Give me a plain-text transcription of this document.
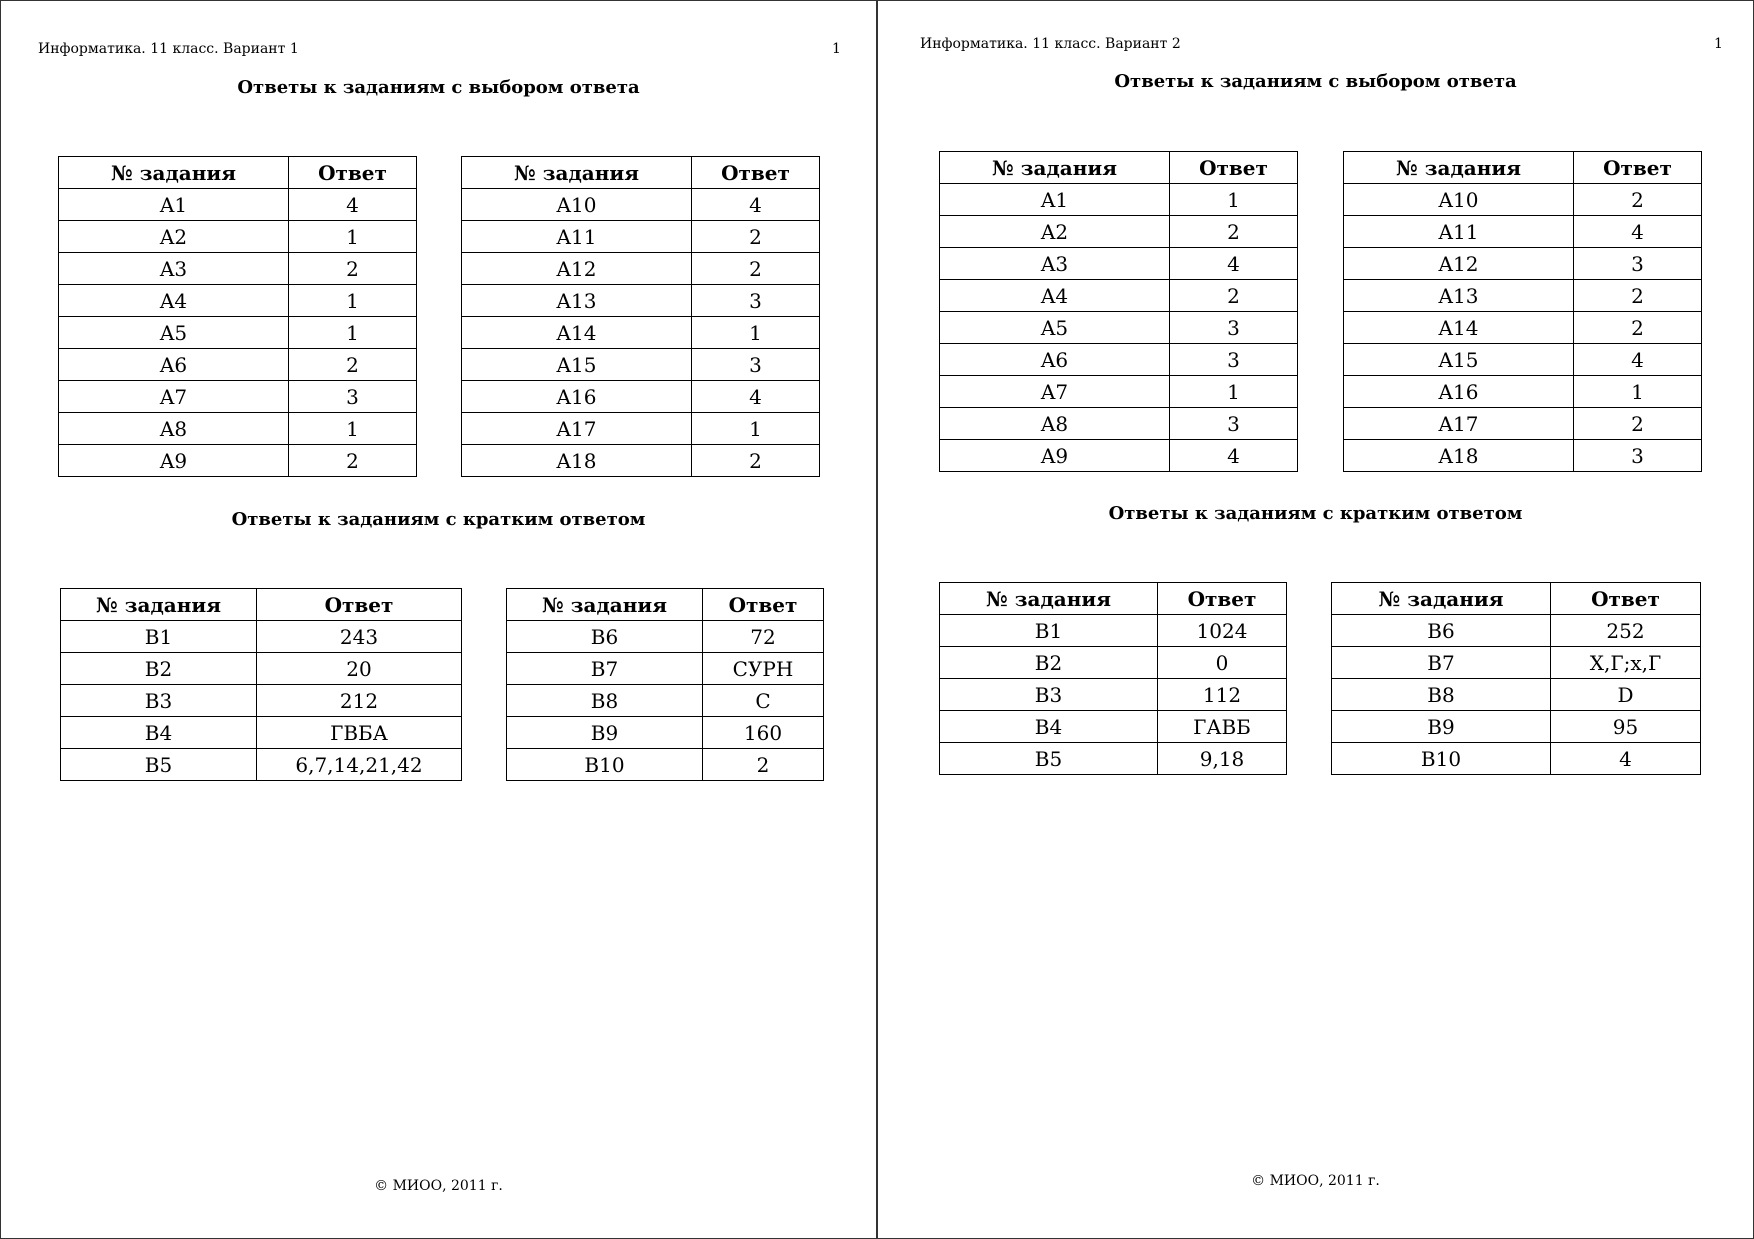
Информатика. 11 класс. Вариант 1	1
Ответы к заданиям с выбором ответа
№ задания	Ответ
A1	4
A2	1
A3	2
A4	1
A5	1
A6	2
A7	3
A8	1
A9	2
№ задания	Ответ
A10	4
A11	2
A12	2
A13	3
A14	1
A15	3
A16	4
A17	1
A18	2
Ответы к заданиям с кратким ответом
№ задания	Ответ
B1	243
B2	20
B3	212
B4	ГВБА
B5	6,7,14,21,42
№ задания	Ответ
B6	72
B7	СУРН
B8	C
B9	160
B10	2
© МИОО, 2011 г.
Информатика. 11 класс. Вариант 2	1
Ответы к заданиям с выбором ответа
№ задания	Ответ
A1	1
A2	2
A3	4
A4	2
A5	3
A6	3
A7	1
A8	3
A9	4
№ задания	Ответ
A10	2
A11	4
A12	3
A13	2
A14	2
A15	4
A16	1
A17	2
A18	3
Ответы к заданиям с кратким ответом
№ задания	Ответ
B1	1024
B2	0
B3	112
B4	ГАВБ
B5	9,18
№ задания	Ответ
B6	252
B7	X,Г;x,Г
B8	D
B9	95
B10	4
© МИОО, 2011 г.
